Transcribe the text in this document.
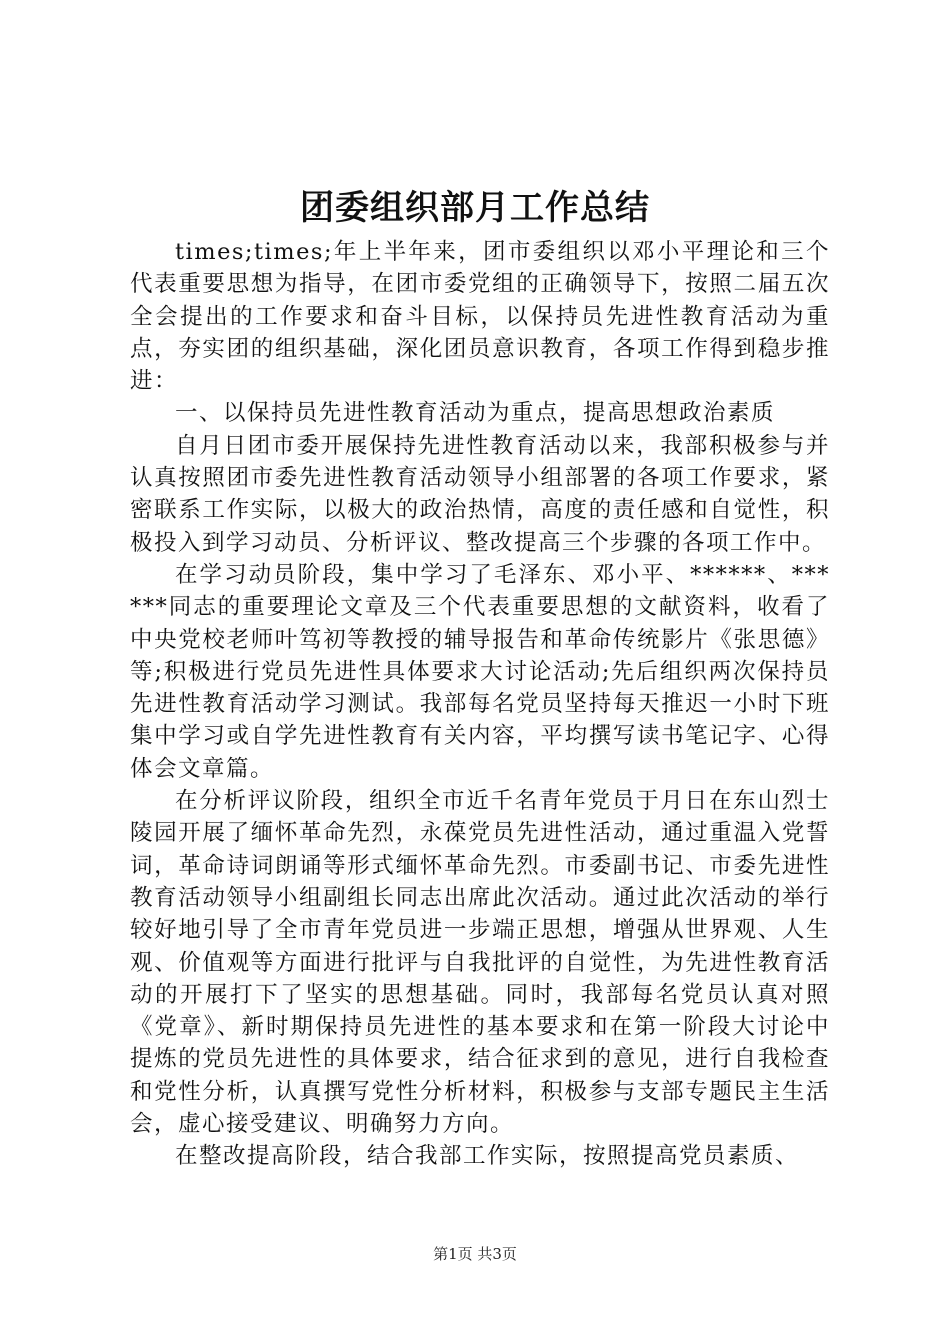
团委组织部月工作总结

times;times;年上半年来，团市委组织以邓小平理论和三个代表重要思想为指导，在团市委党组的正确领导下，按照二届五次全会提出的工作要求和奋斗目标，以保持员先进性教育活动为重点，夯实团的组织基础，深化团员意识教育，各项工作得到稳步推进：

一、以保持员先进性教育活动为重点，提高思想政治素质

自月日团市委开展保持先进性教育活动以来，我部积极参与并认真按照团市委先进性教育活动领导小组部署的各项工作要求，紧密联系工作实际，以极大的政治热情，高度的责任感和自觉性，积极投入到学习动员、分析评议、整改提高三个步骤的各项工作中。

在学习动员阶段，集中学习了毛泽东、邓小平、******、******同志的重要理论文章及三个代表重要思想的文献资料，收看了中央党校老师叶笃初等教授的辅导报告和革命传统影片《张思德》等;积极进行党员先进性具体要求大讨论活动;先后组织两次保持员先进性教育活动学习测试。我部每名党员坚持每天推迟一小时下班集中学习或自学先进性教育有关内容，平均撰写读书笔记字、心得体会文章篇。

在分析评议阶段，组织全市近千名青年党员于月日在东山烈士陵园开展了缅怀革命先烈，永葆党员先进性活动，通过重温入党誓词，革命诗词朗诵等形式缅怀革命先烈。市委副书记、市委先进性教育活动领导小组副组长同志出席此次活动。通过此次活动的举行较好地引导了全市青年党员进一步端正思想，增强从世界观、人生观、价值观等方面进行批评与自我批评的自觉性，为先进性教育活动的开展打下了坚实的思想基础。同时，我部每名党员认真对照《党章》、新时期保持员先进性的基本要求和在第一阶段大讨论中提炼的党员先进性的具体要求，结合征求到的意见，进行自我检查和党性分析，认真撰写党性分析材料，积极参与支部专题民主生活会，虚心接受建议、明确努力方向。

在整改提高阶段，结合我部工作实际，按照提高党员素质、

第1页 共3页
